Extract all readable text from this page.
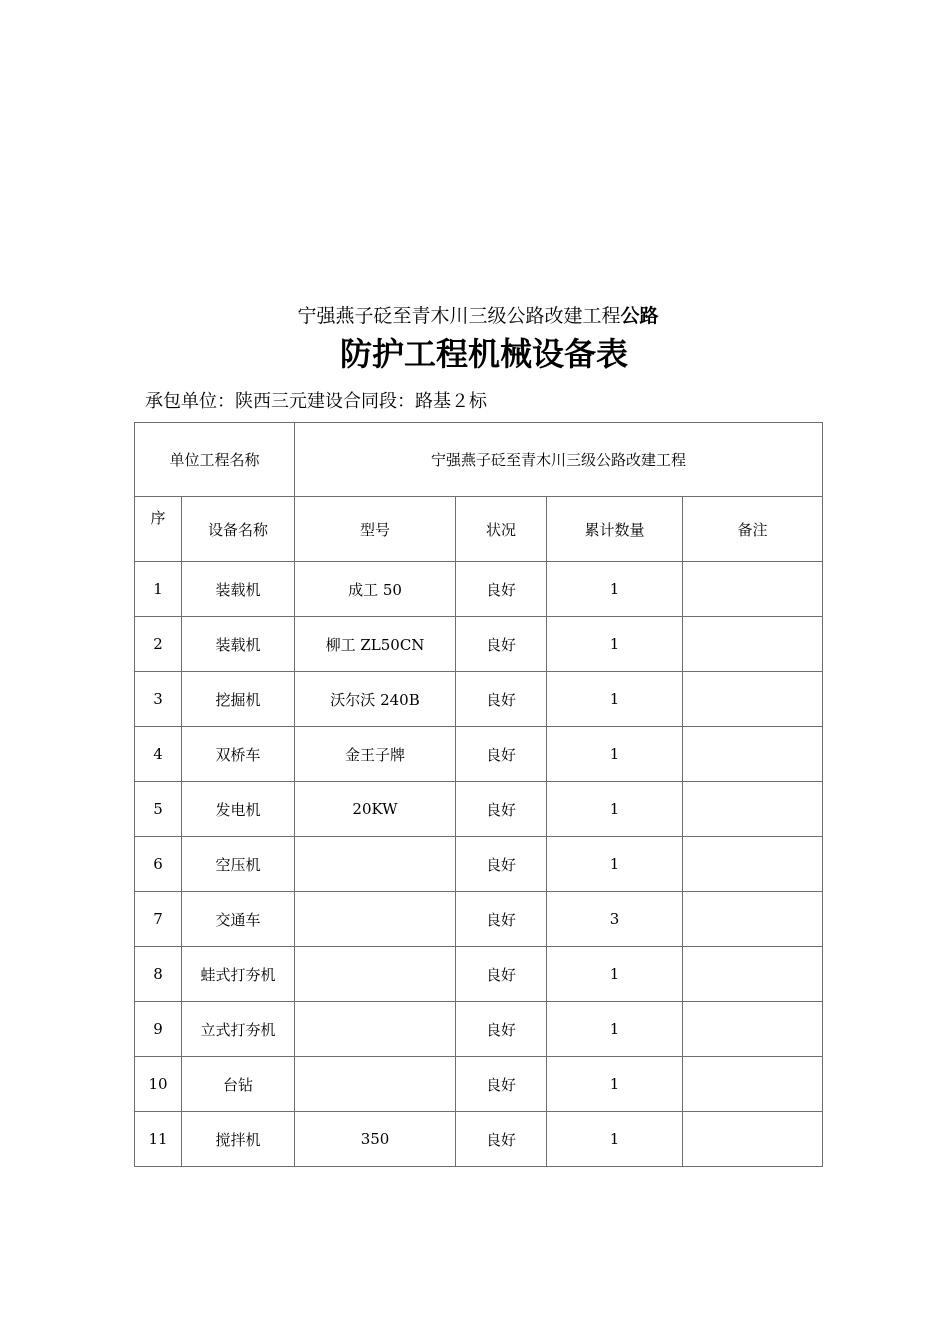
宁强燕子砭至青木川三级公路改建工程公路
防护工程机械设备表
承包单位：陕西三元建设合同段：路基２标
单位工程名称		宁强燕子砭至青木川三级公路改建工程			
序	设备名称	型号	状况	累计数量	备注
1	装载机	成工 50	良好	1	
2	装载机	柳工 ZL50CN	良好	1	
3	挖掘机	沃尔沃 240B	良好	1	
4	双桥车	金王子牌	良好	1	
5	发电机	20KW	良好	1	
6	空压机		良好	1	
7	交通车		良好	3	
8	蛙式打夯机		良好	1	
9	立式打夯机		良好	1	
10	台钻		良好	1	
11	搅拌机	350	良好	1	
